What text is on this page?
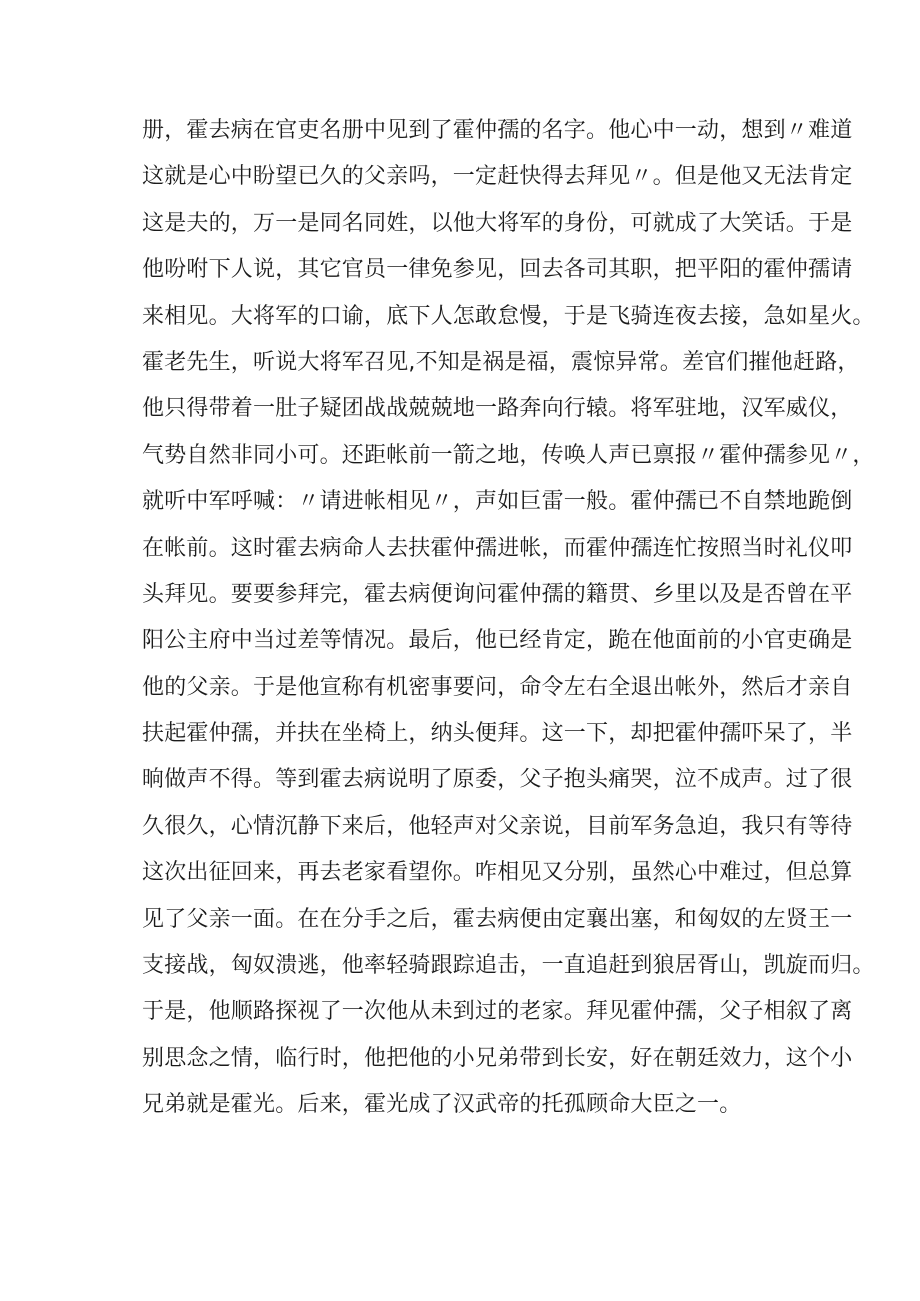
册，霍去病在官吏名册中见到了霍仲孺的名字。他心中一动，想到〃难道
这就是心中盼望已久的父亲吗，一定赶快得去拜见〃。但是他又无法肯定
这是夫的，万一是同名同姓，以他大将军的身份，可就成了大笑话。于是
他吩咐下人说，其它官员一律免参见，回去各司其职，把平阳的霍仲孺请
来相见。大将军的口谕，底下人怎敢怠慢，于是飞骑连夜去接，急如星火。
霍老先生，听说大将军召见,不知是祸是福，震惊异常。差官们摧他赶路，
他只得带着一肚子疑团战战兢兢地一路奔向行辕。将军驻地，汉军威仪，
气势自然非同小可。还距帐前一箭之地，传唤人声已禀报〃霍仲孺参见〃，
就听中军呼喊：〃请进帐相见〃，声如巨雷一般。霍仲孺已不自禁地跪倒
在帐前。这时霍去病命人去扶霍仲孺进帐，而霍仲孺连忙按照当时礼仪叩
头拜见。要要参拜完，霍去病便询问霍仲孺的籍贯、乡里以及是否曾在平
阳公主府中当过差等情况。最后，他已经肯定，跪在他面前的小官吏确是
他的父亲。于是他宣称有机密事要问，命令左右全退出帐外，然后才亲自
扶起霍仲孺，并扶在坐椅上，纳头便拜。这一下，却把霍仲孺吓呆了，半
晌做声不得。等到霍去病说明了原委，父子抱头痛哭，泣不成声。过了很
久很久，心情沉静下来后，他轻声对父亲说，目前军务急迫，我只有等待
这次出征回来，再去老家看望你。咋相见又分别，虽然心中难过，但总算
见了父亲一面。在在分手之后，霍去病便由定襄出塞，和匈奴的左贤王一
支接战，匈奴溃逃，他率轻骑跟踪追击，一直追赶到狼居胥山，凯旋而归。
于是，他顺路探视了一次他从未到过的老家。拜见霍仲孺，父子相叙了离
别思念之情，临行时，他把他的小兄弟带到长安，好在朝廷效力，这个小
兄弟就是霍光。后来，霍光成了汉武帝的托孤顾命大臣之一。
